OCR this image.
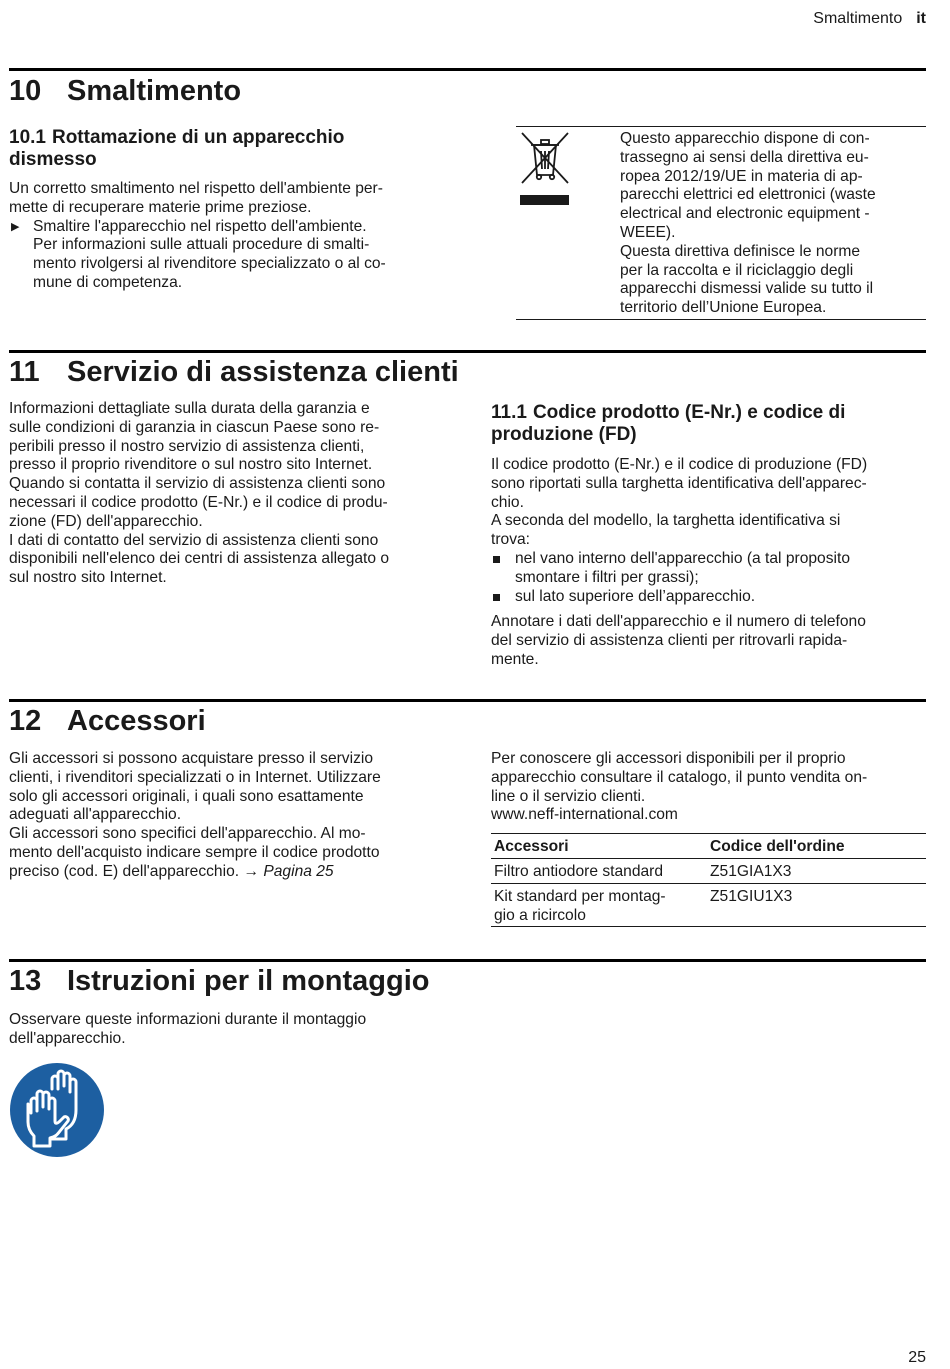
Smaltimento it
10 Smaltimento
10.1 Rottamazione di un apparecchio
dismesso
Un corretto smaltimento nel rispetto dell'ambiente per-
mette di recuperare materie prime preziose.
▶ Smaltire l'apparecchio nel rispetto dell'ambiente.
Per informazioni sulle attuali procedure di smalti-
mento rivolgersi al rivenditore specializzato o al co-
mune di competenza.
Questo apparecchio dispone di con-
trassegno ai sensi della direttiva eu-
ropea 2012/19/UE in materia di ap-
parecchi elettrici ed elettronici (waste
electrical and electronic equipment -
WEEE).
Questa direttiva definisce le norme
per la raccolta e il riciclaggio degli
apparecchi dismessi valide su tutto il
territorio dell’Unione Europea.
11 Servizio di assistenza clienti
Informazioni dettagliate sulla durata della garanzia e
sulle condizioni di garanzia in ciascun Paese sono re-
peribili presso il nostro servizio di assistenza clienti,
presso il proprio rivenditore o sul nostro sito Internet.
Quando si contatta il servizio di assistenza clienti sono
necessari il codice prodotto (E-Nr.) e il codice di produ-
zione (FD) dell'apparecchio.
I dati di contatto del servizio di assistenza clienti sono
disponibili nell'elenco dei centri di assistenza allegato o
sul nostro sito Internet.
11.1 Codice prodotto (E-Nr.) e codice di
produzione (FD)
Il codice prodotto (E-Nr.) e il codice di produzione (FD)
sono riportati sulla targhetta identificativa dell'apparec-
chio.
A seconda del modello, la targhetta identificativa si
trova:
nel vano interno dell'apparecchio (a tal proposito
smontare i filtri per grassi);
sul lato superiore dell’apparecchio.
Annotare i dati dell'apparecchio e il numero di telefono
del servizio di assistenza clienti per ritrovarli rapida-
mente.
12 Accessori
Gli accessori si possono acquistare presso il servizio
clienti, i rivenditori specializzati o in Internet. Utilizzare
solo gli accessori originali, i quali sono esattamente
adeguati all'apparecchio.
Gli accessori sono specifici dell'apparecchio. Al mo-
mento dell'acquisto indicare sempre il codice prodotto
preciso (cod. E) dell'apparecchio. → Pagina 25
Per conoscere gli accessori disponibili per il proprio
apparecchio consultare il catalogo, il punto vendita on-
line o il servizio clienti.
www.neff-international.com
Accessori	Codice dell'ordine
Filtro antiodore standard	Z51GIA1X3

Kit standard per montag-
gio a ricircolo	Z51GIU1X3
13 Istruzioni per il montaggio
Osservare queste informazioni durante il montaggio
dell'apparecchio.
25
